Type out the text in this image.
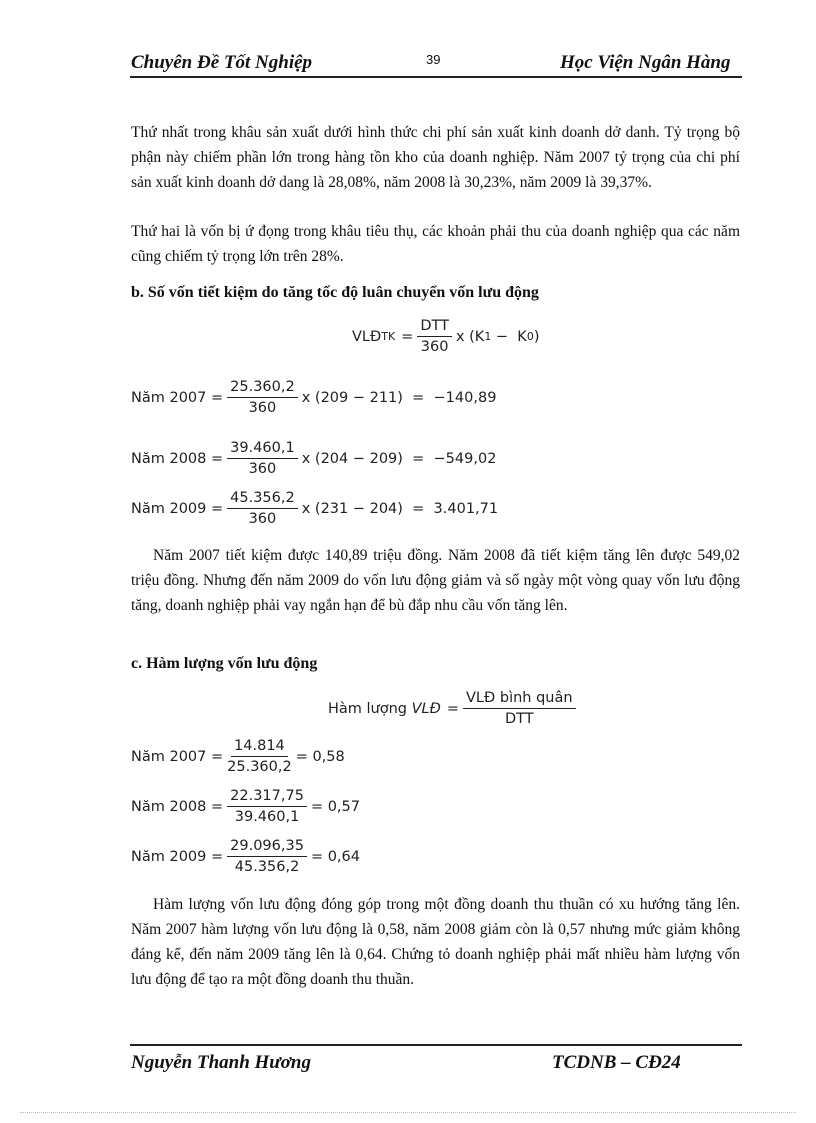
Chuyên Đề Tốt Nghiệp	39	Học Viện Ngân Hàng
Thứ nhất trong khâu sản xuất dưới hình thức chi phí sản xuất kinh doanh dở danh. Tỷ trọng bộ phận này chiếm phần lớn trong hàng tồn kho của doanh nghiệp. Năm 2007 tỷ trọng của chi phí sản xuất kinh doanh dở dang là 28,08%, năm 2008 là 30,23%, năm 2009 là 39,37%.
Thứ hai là vốn bị ứ đọng trong khâu tiêu thụ, các khoản phải thu của doanh nghiệp qua các năm cũng chiếm tỷ trọng lớn trên 28%.
b. Số vốn tiết kiệm do tăng tốc độ luân chuyển vốn lưu động
VLĐ TK = $\frac{\text{DTT}}{360}$ x (K 1 −  K 0 )
Năm $2007 = \frac{25.360,2}{360}$ x (209 − 211)  =  −140,89
Năm $2008 = \frac{39.460,1}{360}$ x (204 − 209)  =  −549,02
Năm $2009 = \frac{45.356,2}{360}$ x (231 − 204)  =  3.401,71
Năm 2007 tiết kiệm được 140,89 triệu đồng. Năm 2008 đã tiết kiệm tăng lên được 549,02 triệu đồng. Nhưng đến năm 2009 do vốn lưu động giảm và số ngày một vòng quay vốn lưu động tăng, doanh nghiệp phải vay ngắn hạn để bù đắp nhu cầu vốn tăng lên.
c. Hàm lượng vốn lưu động
Hàm lượng VLĐ = $\frac{\text{VLĐ bình quân}}{\text{DTT}}$
Năm $2007 = \frac{14.814}{25.360,2} = 0,58$
Năm $2008 = \frac{22.317,75}{39.460,1} = 0,57$
Năm $2009 = \frac{29.096,35}{45.356,2} = 0,64$
Hàm lượng vốn lưu động đóng góp trong một đồng doanh thu thuần có xu hướng tăng lên. Năm 2007 hàm lượng vốn lưu động là 0,58, năm 2008 giảm còn là 0,57 nhưng mức giảm không đáng kể, đến năm 2009 tăng lên là 0,64. Chứng tỏ doanh nghiệp phải mất nhiều hàm lượng vốn lưu động để tạo ra một đồng doanh thu thuần.
Nguyễn Thanh Hương	TCDNB – CĐ24
